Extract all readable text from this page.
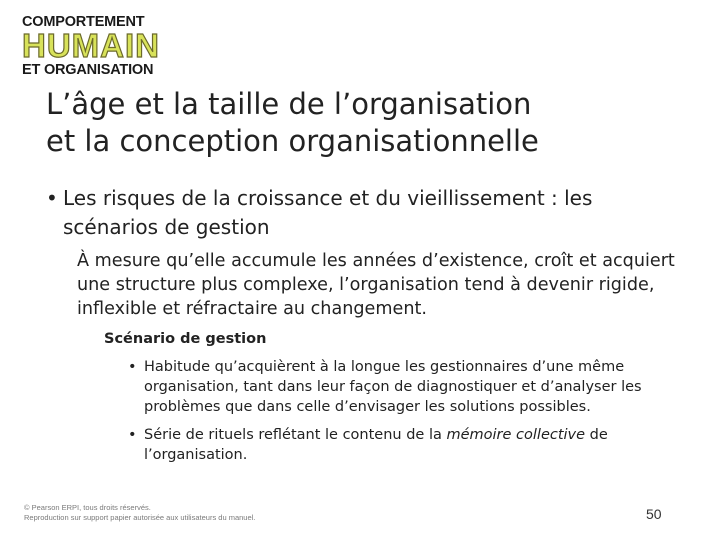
COMPORTEMENT
HUMAIN
ET ORGANISATION
L’âge et la taille de l’organisation
et la conception organisationnelle
• Les risques de la croissance et du vieillissement : les scénarios de gestion
À mesure qu’elle accumule les années d’existence, croît et acquiert une structure plus complexe, l’organisation tend à devenir rigide, inflexible et réfractaire au changement.
Scénario de gestion
• Habitude qu’acquièrent à la longue les gestionnaires d’une même organisation, tant dans leur façon de diagnostiquer et d’analyser les problèmes que dans celle d’envisager les solutions possibles.
• Série de rituels reflétant le contenu de la mémoire collective de l’organisation.
© Pearson ERPI, tous droits réservés.
Reproduction sur support papier autorisée aux utilisateurs du manuel.	50
